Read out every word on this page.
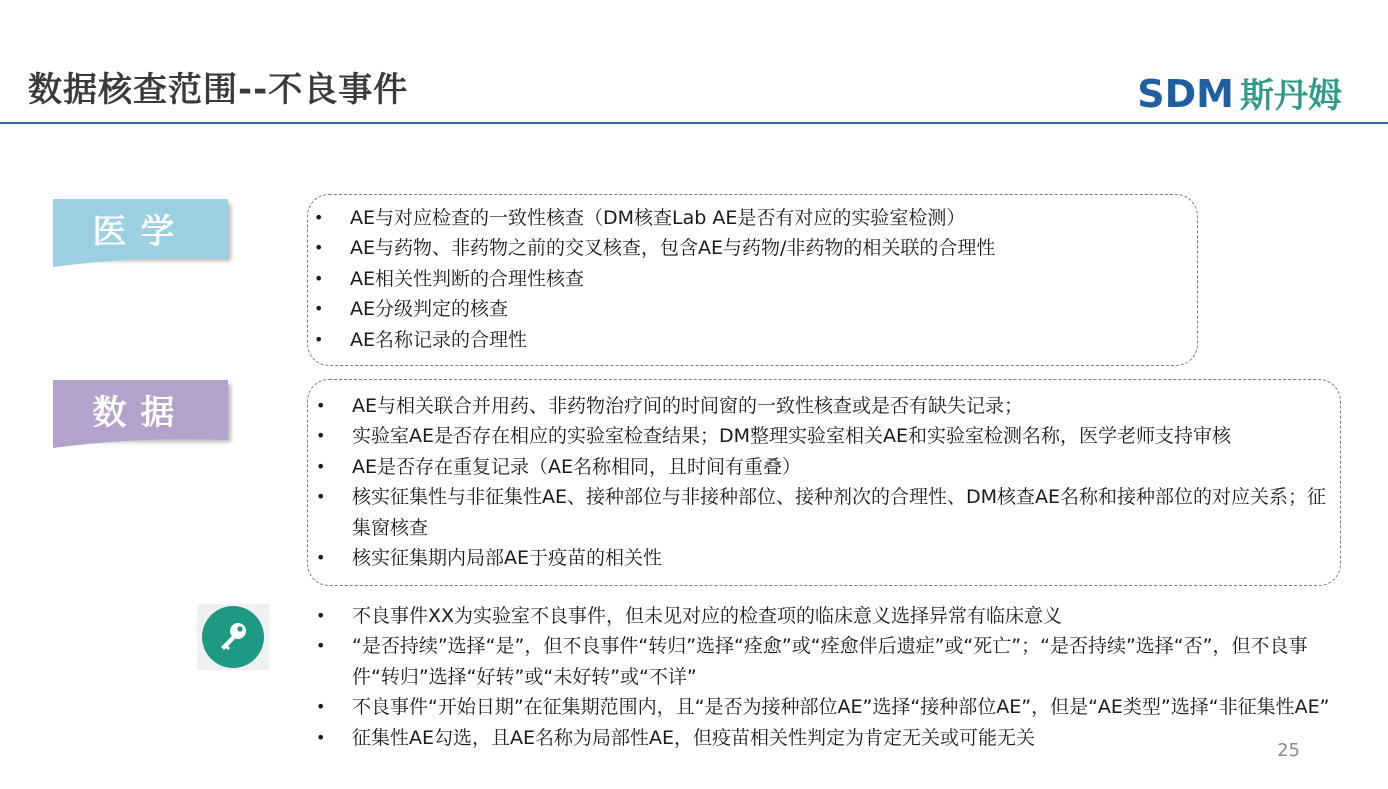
数据核查范围--不良事件	SDM 斯丹姆
医学	• AE与对应检查的一致性核查（DM核查Lab AE是否有对应的实验室检测）
• AE与药物、非药物之前的交叉核查，包含AE与药物/非药物的相关联的合理性
• AE相关性判断的合理性核查
• AE分级判定的核查
• AE名称记录的合理性
数据	• AE与相关联合并用药、非药物治疗间的时间窗的一致性核查或是否有缺失记录；
• 实验室AE是否存在相应的实验室检查结果；DM整理实验室相关AE和实验室检测名称，医学老师支持审核
• AE是否存在重复记录（AE名称相同，且时间有重叠）
• 核实征集性与非征集性AE、接种部位与非接种部位、接种剂次的合理性、DM核查AE名称和接种部位的对应关系；征集窗核查
• 核实征集期内局部AE于疫苗的相关性
• 不良事件XX为实验室不良事件，但未见对应的检查项的临床意义选择异常有临床意义
• “是否持续”选择“是”，但不良事件“转归”选择“痊愈”或“痊愈伴后遗症”或“死亡”；“是否持续”选择“否”，但不良事件“转归”选择“好转”或“未好转”或“不详”
• 不良事件“开始日期”在征集期范围内，且“是否为接种部位AE”选择“接种部位AE”，但是“AE类型”选择“非征集性AE”
• 征集性AE勾选，且AE名称为局部性AE，但疫苗相关性判定为肯定无关或可能无关
25
